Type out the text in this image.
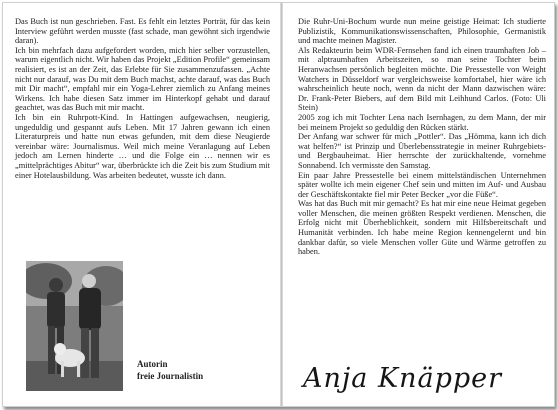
Das Buch ist nun geschrieben. Fast. Es fehlt ein letztes Porträt, für das kein Interview geführt werden musste (fast schade, man gewöhnt sich irgendwie daran).

Ich bin mehrfach dazu aufgefordert worden, mich hier selber vorzustellen, warum eigentlich nicht. Wir haben das Projekt „Edition Profile“ gemeinsam realisiert, es ist an der Zeit, das Erlebte für Sie zusammenzufassen. „Achte nicht nur darauf, was Du mit dem Buch machst, achte darauf, was das Buch mit Dir macht“, empfahl mir ein Yoga-Lehrer ziemlich zu Anfang meines Wirkens. Ich habe diesen Satz immer im Hinterkopf gehabt und darauf geachtet, was das Buch mit mir macht.

Ich bin ein Ruhrpott-Kind. In Hattingen aufgewachsen, neugierig, ungeduldig und gespannt aufs Leben. Mit 17 Jahren gewann ich einen Literaturpreis und hatte nun etwas gefunden, mit dem diese Neugierde vereinbar wäre: Journalismus. Weil mich meine Veranlagung auf Leben jedoch am Lernen hinderte … und die Folge ein … nennen wir es „mittelprächtiges Abitur“ war, überbrückte ich die Zeit bis zum Studium mit einer Hotelausbildung. Was arbeiten bedeutet, wusste ich dann.

Autorin
freie Journalistin

Die Ruhr-Uni-Bochum wurde nun meine geistige Heimat: Ich studierte Publizistik, Kommunikationswissenschaften, Philosophie, Germanistik und machte meinen Magister.

Als Redakteurin beim WDR-Fernsehen fand ich einen traumhaften Job – mit alptraumhaften Arbeitszeiten, so man seine Tochter beim Heranwachsen persönlich begleiten möchte. Die Pressestelle von Weight Watchers in Düsseldorf war vergleichsweise komfortabel, hier wäre ich wahrscheinlich heute noch, wenn da nicht der Mann dazwischen wäre: Dr. Frank-Peter Biebers, auf dem Bild mit Leihhund Carlos. (Foto: Uli Stein)

2005 zog ich mit Tochter Lena nach Isernhagen, zu dem Mann, der mir bei meinem Projekt so geduldig den Rücken stärkt.

Der Anfang war schwer für mich „Pottler“. Das „Hömma, kann ich dich wat helfen?“ ist Prinzip und Überlebensstrategie in meiner Ruhrgebiets- und Bergbauheimat. Hier herrschte der zurückhaltende, vornehme Sonnabend. Ich vermisste den Samstag.

Ein paar Jahre Pressestelle bei einem mittelständischen Unternehmen später wollte ich mein eigener Chef sein und mitten im Auf- und Ausbau der Geschäftskontakte fiel mir Peter Becker „vor die Füße“.

Was hat das Buch mit mir gemacht? Es hat mir eine neue Heimat gegeben voller Menschen, die meinen größten Respekt verdienen. Menschen, die Erfolg nicht mit Überheblichkeit, sondern mit Hilfsbereitschaft und Humanität verbinden. Ich habe meine Region kennengelernt und bin dankbar dafür, so viele Menschen voller Güte und Wärme getroffen zu haben.

Anja Knäpper
